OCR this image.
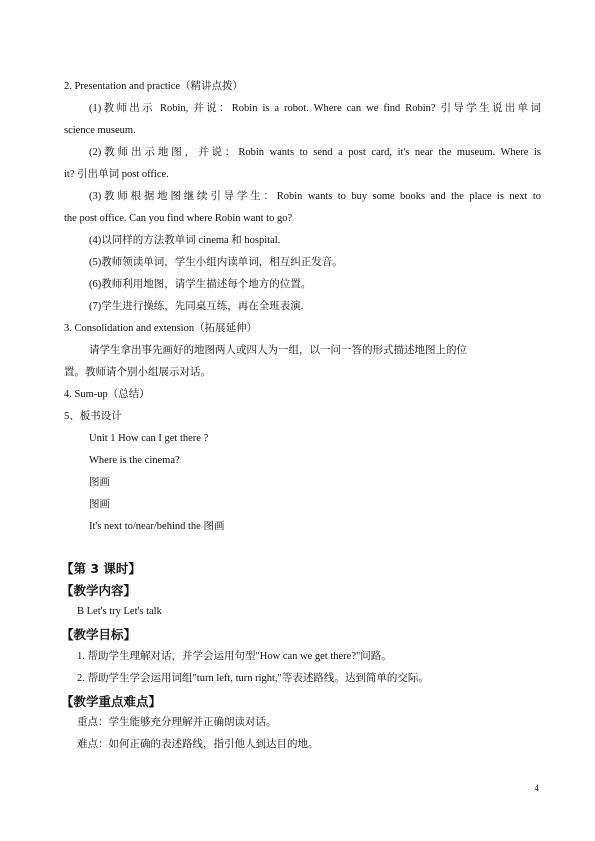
2. Presentation and practice（精讲点拨）
(1)教师出示 Robin, 并说：Robin is a robot. Where can we find Robin? 引导学生说出单词
science museum.
(2)教师出示地图，并说：Robin wants to send a post card, it's near the museum. Where is
it? 引出单词 post office.
(3)教师根据地图继续引导学生：Robin wants to buy some books and the place is next to
the post office. Can you find where Robin want to go?
(4)以同样的方法教单词 cinema 和 hospital.
(5)教师领读单词，学生小组内读单词，相互纠正发音。
(6)教师利用地图，请学生描述每个地方的位置。
(7)学生进行操练，先同桌互练，再在全班表演.
3. Consolidation and extension（拓展延伸）
请学生拿出事先画好的地图两人或四人为一组，以一问一答的形式描述地图上的位
置。教师请个别小组展示对话。
4. Sum-up（总结）
5、板书设计
Unit 1 How can I get there ?
Where is the cinema?
图画
图画
It's next to/near/behind the 图画
【第 3 课时】
【教学内容】
B Let's try Let's talk
【教学目标】
1. 帮助学生理解对话，并学会运用句型"How can we get there?"问路。
2. 帮助学生学会运用词组"turn left, turn right,"等表述路线。达到简单的交际。
【教学重点难点】
重点：学生能够充分理解并正确朗读对话。
难点：如何正确的表述路线，指引他人到达目的地。
4
